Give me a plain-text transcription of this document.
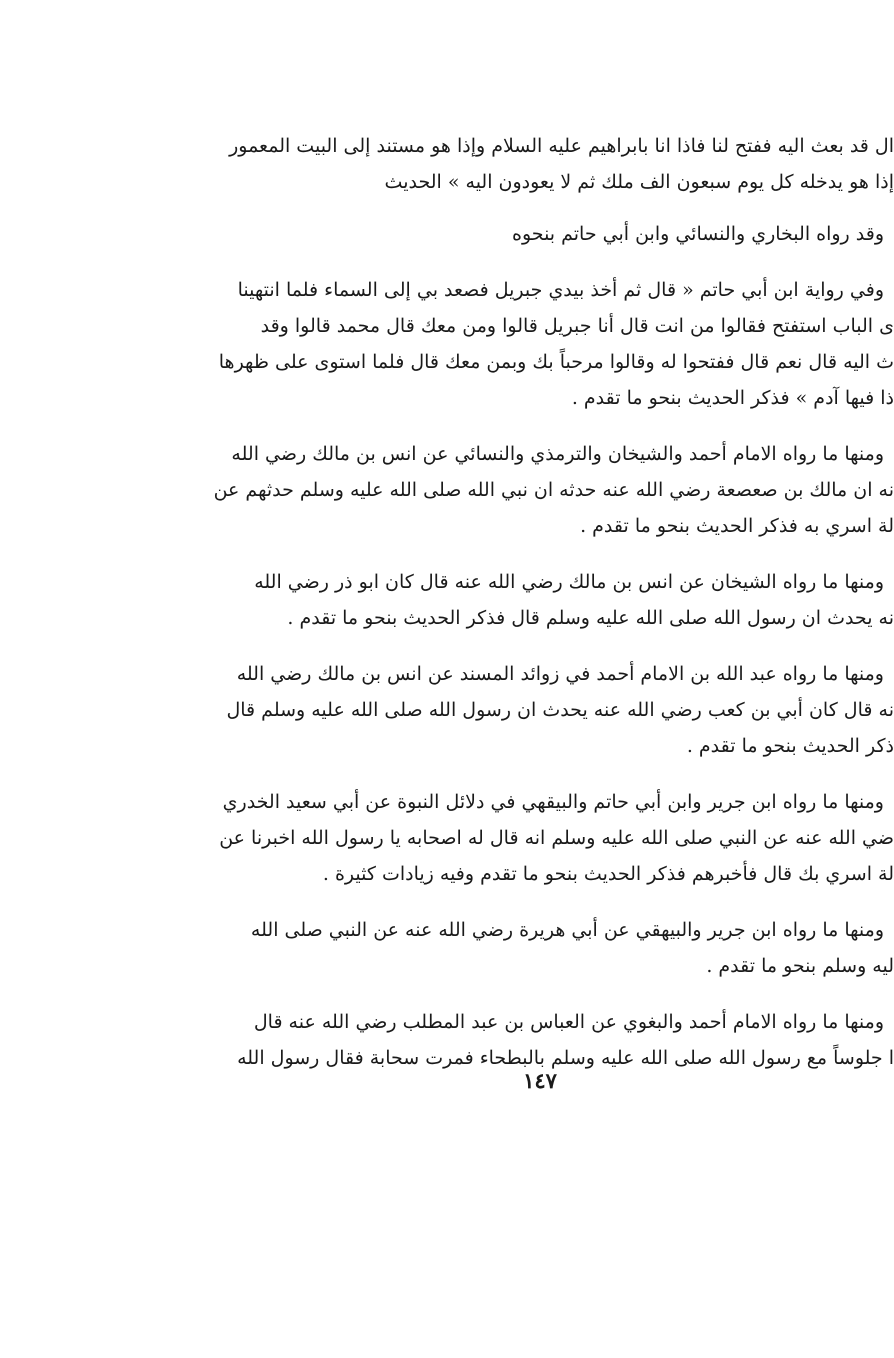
ال قد بعث اليه ففتح لنا فاذا انا بابراهيم عليه السلام وإذا هو مستند إلى البيت المعمور
إذا هو يدخله كل يوم سبعون الف ملك ثم لا يعودون اليه » الحديث
وقد رواه البخاري والنسائي وابن أبي حاتم بنحوه
وفي رواية ابن أبي حاتم « قال ثم أخذ بيدي جبريل فصعد بي إلى السماء فلما انتهينا
ى الباب استفتح فقالوا من انت قال أنا جبريل قالوا ومن معك قال محمد قالوا وقد
ث اليه قال نعم قال ففتحوا له وقالوا مرحباً بك وبمن معك قال فلما استوى على ظهرها
ذا فيها آدم » فذكر الحديث بنحو ما تقدم .
ومنها ما رواه الامام أحمد والشيخان والترمذي والنسائي عن انس بن مالك رضي الله
نه ان مالك بن صعصعة رضي الله عنه حدثه ان نبي الله صلى الله عليه وسلم حدثهم عن
لة اسري به فذكر الحديث بنحو ما تقدم .
ومنها ما رواه الشيخان عن انس بن مالك رضي الله عنه قال كان ابو ذر رضي الله
نه يحدث ان رسول الله صلى الله عليه وسلم قال فذكر الحديث بنحو ما تقدم .
ومنها ما رواه عبد الله بن الامام أحمد في زوائد المسند عن انس بن مالك رضي الله
نه قال كان أبي بن كعب رضي الله عنه يحدث ان رسول الله صلى الله عليه وسلم قال
ذكر الحديث بنحو ما تقدم .
ومنها ما رواه ابن جرير وابن أبي حاتم والبيقهي في دلائل النبوة عن أبي سعيد الخدري
ضي الله عنه عن النبي صلى الله عليه وسلم انه قال له اصحابه يا رسول الله اخبرنا عن
لة اسري بك قال فأخبرهم فذكر الحديث بنحو ما تقدم وفيه زيادات كثيرة .
ومنها ما رواه ابن جرير والبيهقي عن أبي هريرة رضي الله عنه عن النبي صلى الله
ليه وسلم بنحو ما تقدم .
ومنها ما رواه الامام أحمد والبغوي عن العباس بن عبد المطلب رضي الله عنه قال
ا جلوساً مع رسول الله صلى الله عليه وسلم بالبطحاء فمرت سحابة فقال رسول الله
١٤٧
